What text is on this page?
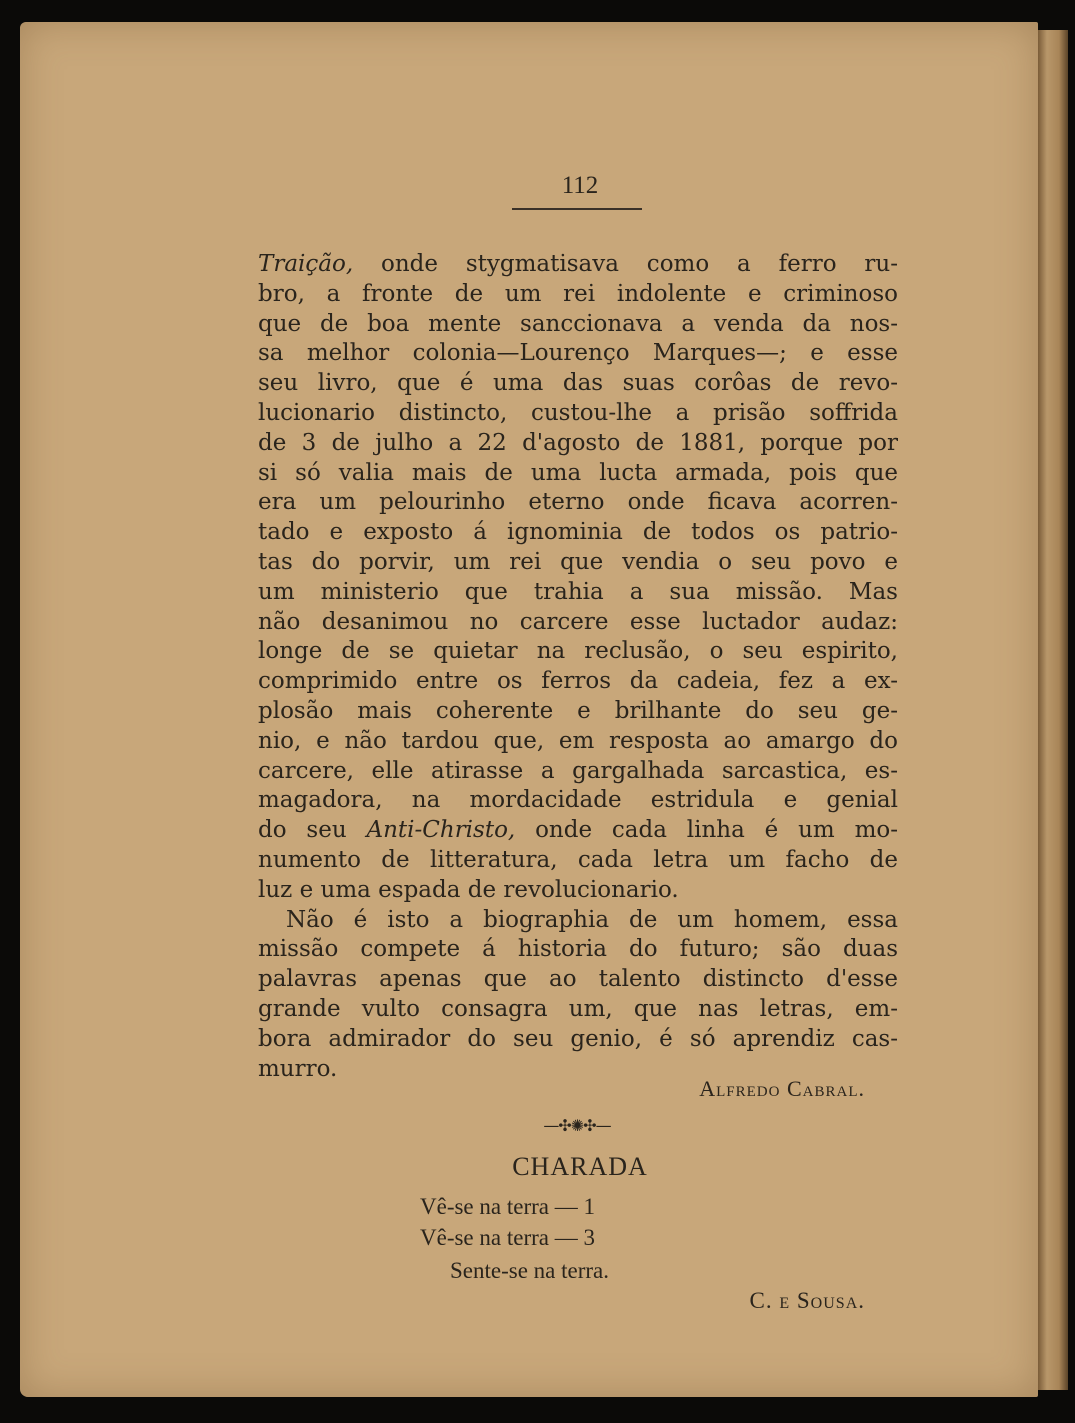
112
Traição, onde stygmatisava como a ferro ru-
bro, a fronte de um rei indolente e criminoso
que de boa mente sanccionava a venda da nos-
sa melhor colonia—Lourenço Marques—; e esse
seu livro, que é uma das suas corôas de revo-
lucionario distincto, custou-lhe a prisão soffrida
de 3 de julho a 22 d'agosto de 1881, porque por
si só valia mais de uma lucta armada, pois que
era um pelourinho eterno onde ficava acorren-
tado e exposto á ignominia de todos os patrio-
tas do porvir, um rei que vendia o seu povo e
um ministerio que trahia a sua missão. Mas
não desanimou no carcere esse luctador audaz:
longe de se quietar na reclusão, o seu espirito,
comprimido entre os ferros da cadeia, fez a ex-
plosão mais coherente e brilhante do seu ge-
nio, e não tardou que, em resposta ao amargo do
carcere, elle atirasse a gargalhada sarcastica, es-
magadora, na mordacidade estridula e genial
do seu Anti-Christo, onde cada linha é um mo-
numento de litteratura, cada letra um facho de
luz e uma espada de revolucionario.
Não é isto a biographia de um homem, essa
missão compete á historia do futuro; são duas
palavras apenas que ao talento distincto d'esse
grande vulto consagra um, que nas letras, em-
bora admirador do seu genio, é só aprendiz cas-
murro.
Alfredo Cabral.
—✣✺✣—
CHARADA
Vê-se na terra — 1
Vê-se na terra — 3
Sente-se na terra.
C. e Sousa.
